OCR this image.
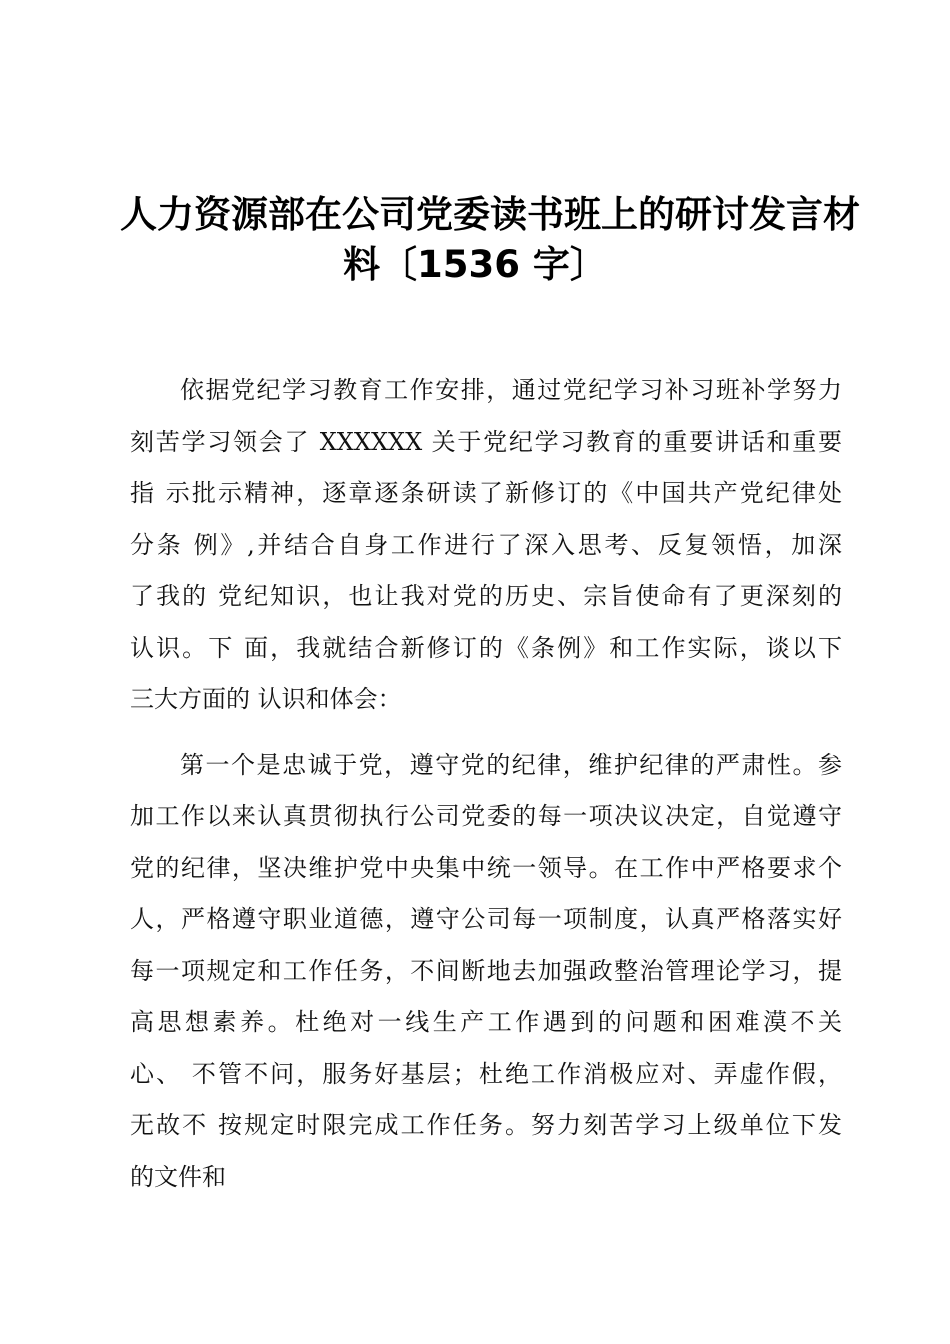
人力资源部在公司党委读书班上的研讨发言材
料〔1536 字〕
依据党纪学习教育工作安排，通过党纪学习补习班补学努力
刻苦学习领会了 XXXXXX 关于党纪学习教育的重要讲话和重要
指 示批示精神，逐章逐条研读了新修订的《中国共产党纪律处
分条 例》,并结合自身工作进行了深入思考、反复领悟，加深
了我的 党纪知识，也让我对党的历史、宗旨使命有了更深刻的
认识。下 面，我就结合新修订的《条例》和工作实际，谈以下
三大方面的 认识和体会：
第一个是忠诚于党，遵守党的纪律，维护纪律的严肃性。参
加工作以来认真贯彻执行公司党委的每一项决议决定，自觉遵守
党的纪律，坚决维护党中央集中统一领导。在工作中严格要求个
人，严格遵守职业道德，遵守公司每一项制度，认真严格落实好
每一项规定和工作任务，不间断地去加强政整治管理论学习，提
高思想素养。杜绝对一线生产工作遇到的问题和困难漠不关
心、 不管不问，服务好基层；杜绝工作消极应对、弄虚作假，
无故不 按规定时限完成工作任务。努力刻苦学习上级单位下发
的文件和
